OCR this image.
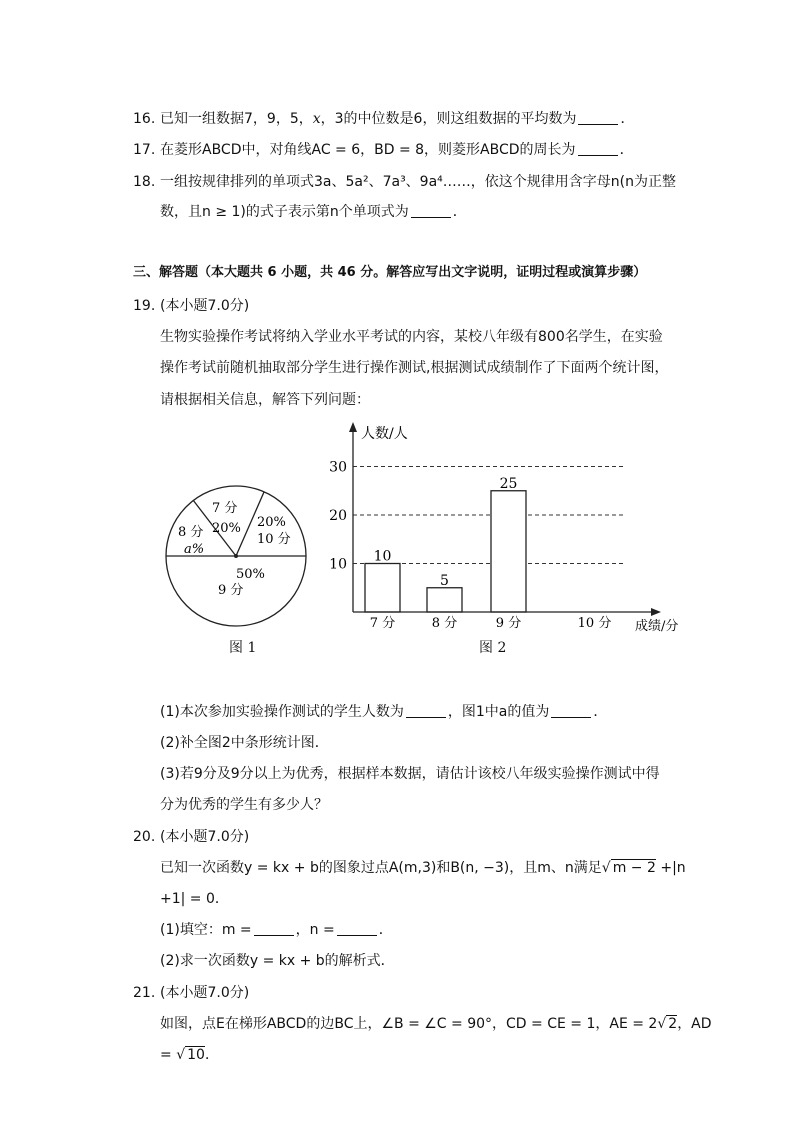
16. 已知一组数据7，9，5，x，3的中位数是6，则这组数据的平均数为	．
17. 在菱形ABCD中，对角线AC = 6，BD = 8，则菱形ABCD的周长为	．
18. 一组按规律排列的单项式3a、5a²、7a³、9a⁴……，依这个规律用含字母n(n为正整
数，且n ≥ 1)的式子表示第n个单项式为	．
三、解答题（本大题共 6 小题，共 46 分。解答应写出文字说明，证明过程或演算步骤）
19. (本小题7.0分)
生物实验操作考试将纳入学业水平考试的内容，某校八年级有800名学生，在实验
操作考试前随机抽取部分学生进行操作测试,根据测试成绩制作了下面两个统计图，
请根据相关信息，解答下列问题：
7 分
20% 20%
10 分
8 分
a%
50%
9 分
图 1
10
20
30
10
7 分
5
8 分
25
9 分	10 分
人数/人
成绩/分
图 2
(1)本次参加实验操作测试的学生人数为	，图1中a的值为	．
(2)补全图2中条形统计图．
(3)若9分及9分以上为优秀，根据样本数据，请估计该校八年级实验操作测试中得
分为优秀的学生有多少人？
20. (本小题7.0分)
已知一次函数y = kx + b的图象过点A(m,3)和B(n, −3)，且m、n满足√ m − 2 +|n
+1| = 0．
(1)填空：m =	，n =	．
(2)求一次函数y = kx + b的解析式．
21. (本小题7.0分)
如图，点E在梯形ABCD的边BC上，∠B = ∠C = 90°，CD = CE = 1，AE = 2√ 2，AD
= √ 10．
